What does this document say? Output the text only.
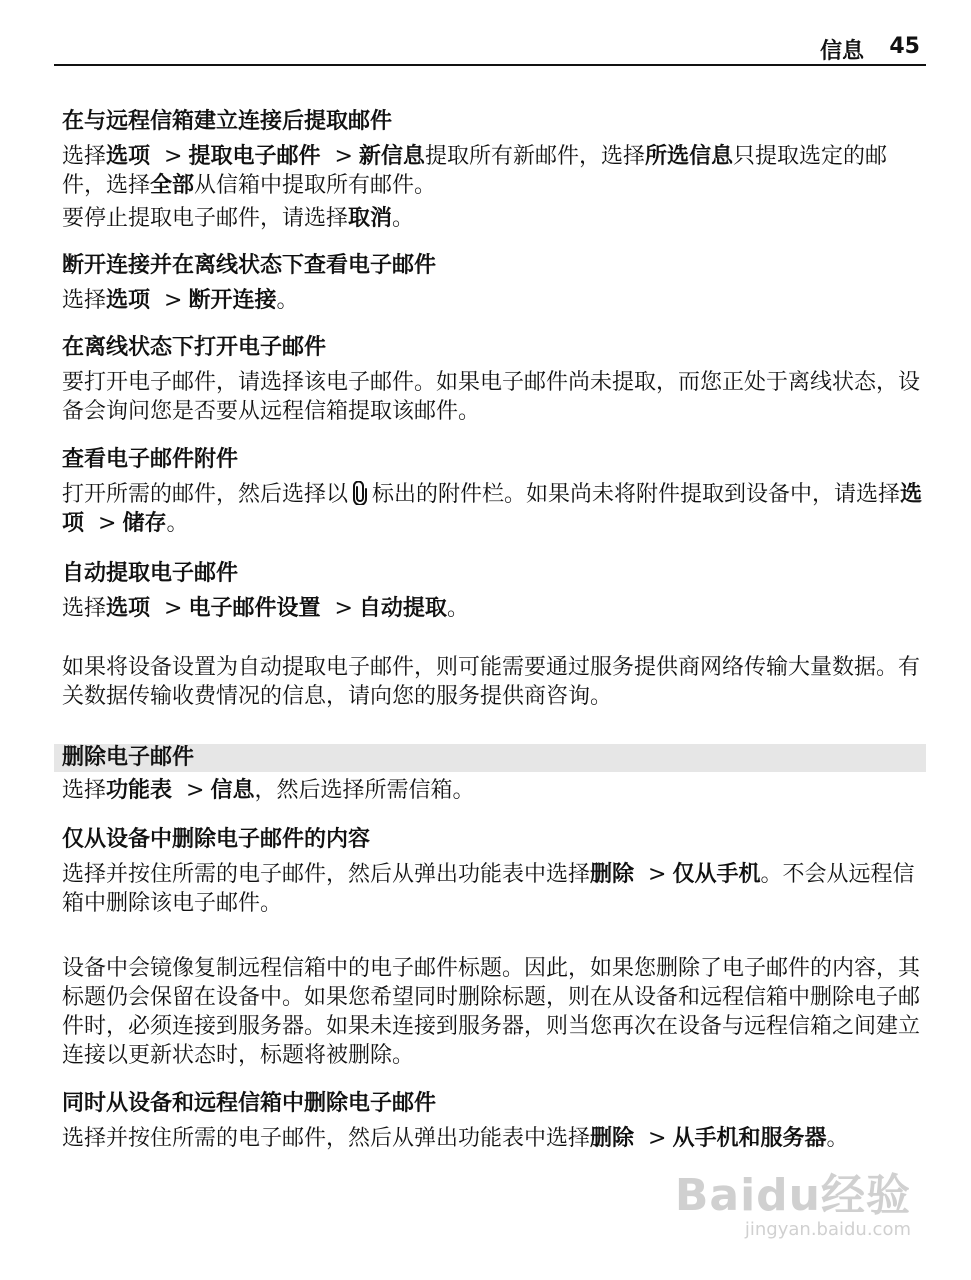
信息 45

在与远程信箱建立连接后提取邮件

选择选项 > 提取电子邮件 > 新信息提取所有新邮件，选择所选信息只提取选定的邮件，选择全部从信箱中提取所有邮件。

要停止提取电子邮件，请选择取消。

断开连接并在离线状态下查看电子邮件

选择选项 > 断开连接。

在离线状态下打开电子邮件

要打开电子邮件，请选择该电子邮件。如果电子邮件尚未提取，而您正处于离线状态，设备会询问您是否要从远程信箱提取该邮件。

查看电子邮件附件

打开所需的邮件，然后选择以 标出的附件栏。如果尚未将附件提取到设备中，请选择选项 > 储存。

自动提取电子邮件

选择选项 > 电子邮件设置 > 自动提取。

如果将设备设置为自动提取电子邮件，则可能需要通过服务提供商网络传输大量数据。有关数据传输收费情况的信息，请向您的服务提供商咨询。

删除电子邮件

选择功能表 > 信息，然后选择所需信箱。

仅从设备中删除电子邮件的内容

选择并按住所需的电子邮件，然后从弹出功能表中选择删除 > 仅从手机。不会从远程信箱中删除该电子邮件。

设备中会镜像复制远程信箱中的电子邮件标题。因此，如果您删除了电子邮件的内容，其标题仍会保留在设备中。如果您希望同时删除标题，则在从设备和远程信箱中删除电子邮件时，必须连接到服务器。如果未连接到服务器，则当您再次在设备与远程信箱之间建立连接以更新状态时，标题将被删除。

同时从设备和远程信箱中删除电子邮件

选择并按住所需的电子邮件，然后从弹出功能表中选择删除 > 从手机和服务器。

Baidu经验
jingyan.baidu.com
